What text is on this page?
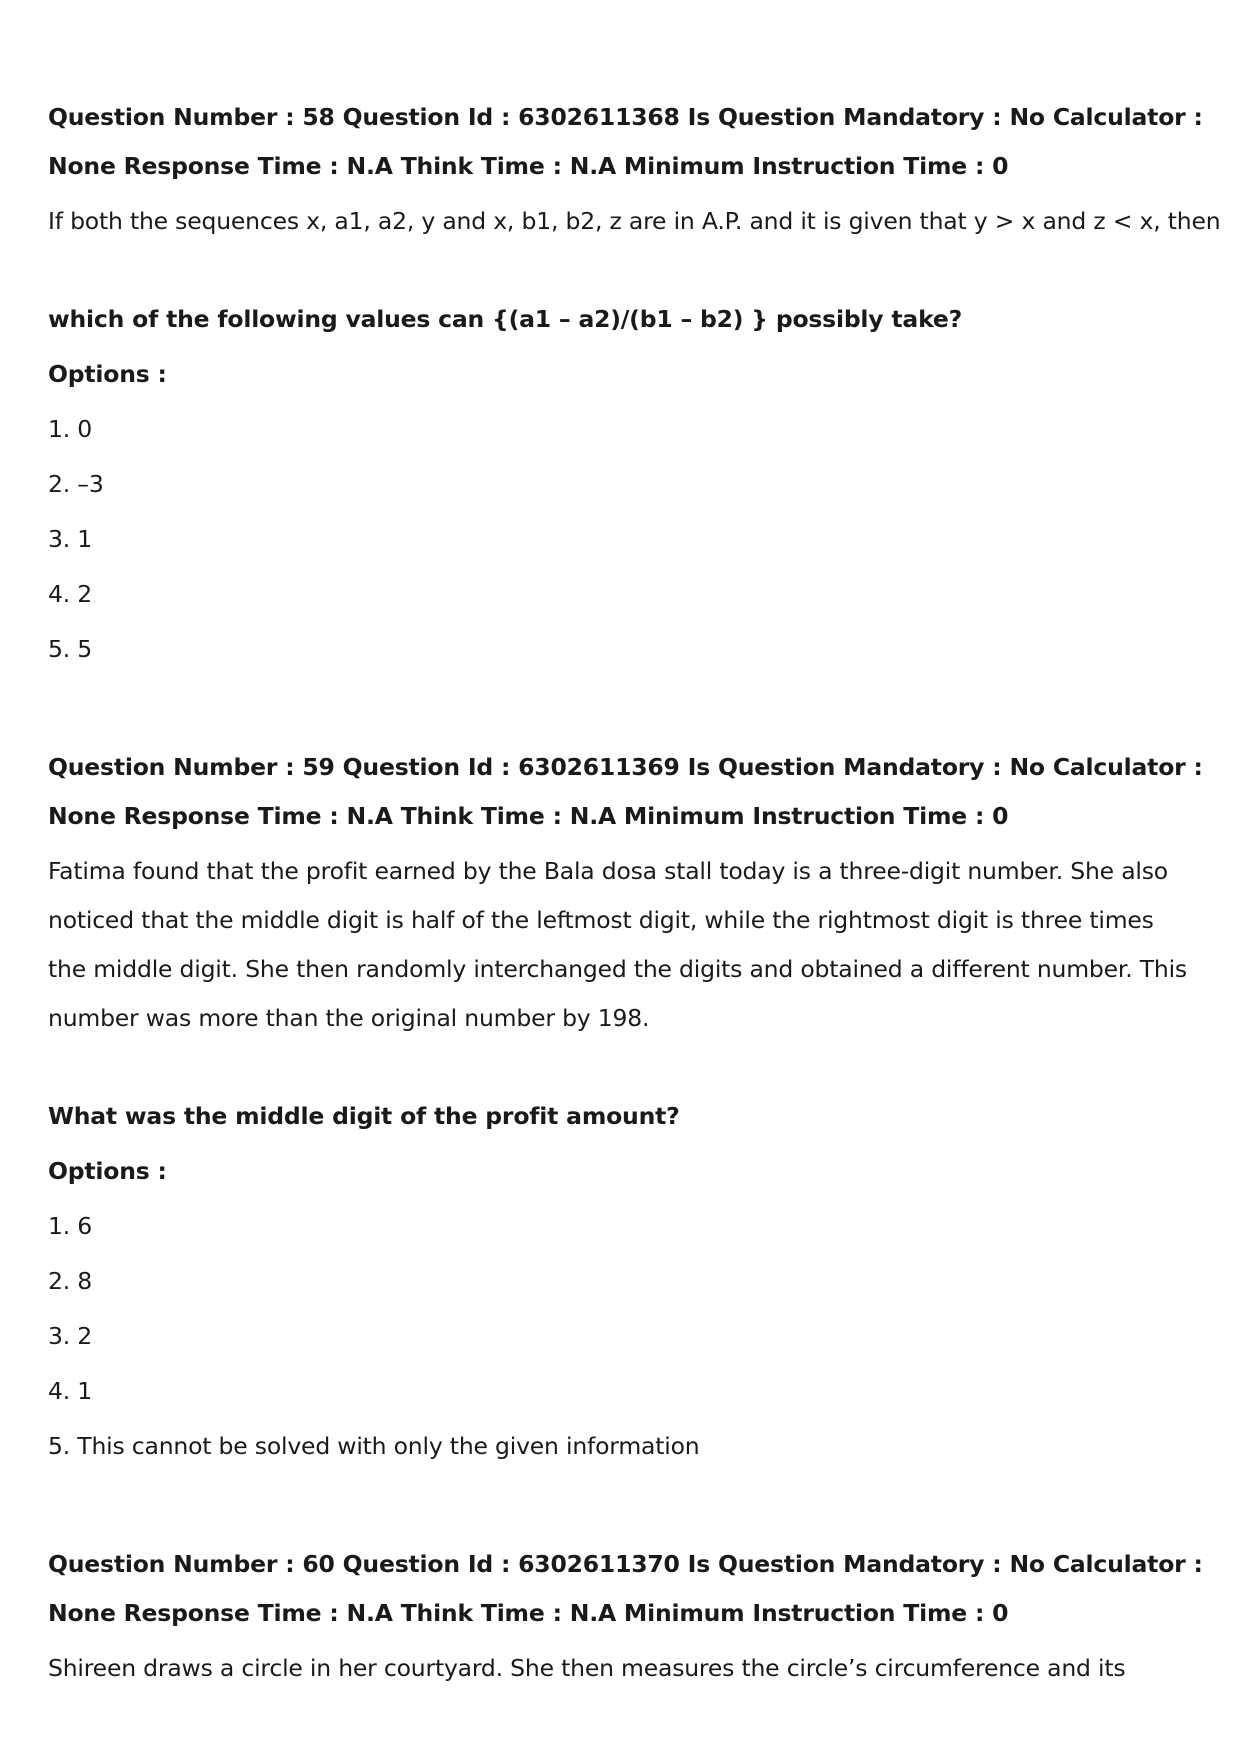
Question Number : 58 Question Id : 6302611368 Is Question Mandatory : No Calculator :
None Response Time : N.A Think Time : N.A Minimum Instruction Time : 0
If both the sequences x, a1, a2, y and x, b1, b2, z are in A.P. and it is given that y > x and z < x, then
which of the following values can {(a1 – a2)/(b1 – b2) } possibly take?
Options :
1. 0
2. –3
3. 1
4. 2
5. 5
Question Number : 59 Question Id : 6302611369 Is Question Mandatory : No Calculator :
None Response Time : N.A Think Time : N.A Minimum Instruction Time : 0
Fatima found that the profit earned by the Bala dosa stall today is a three-digit number. She also
noticed that the middle digit is half of the leftmost digit, while the rightmost digit is three times
the middle digit. She then randomly interchanged the digits and obtained a different number. This
number was more than the original number by 198.
What was the middle digit of the profit amount?
Options :
1. 6
2. 8
3. 2
4. 1
5. This cannot be solved with only the given information
Question Number : 60 Question Id : 6302611370 Is Question Mandatory : No Calculator :
None Response Time : N.A Think Time : N.A Minimum Instruction Time : 0
Shireen draws a circle in her courtyard. She then measures the circle’s circumference and its
